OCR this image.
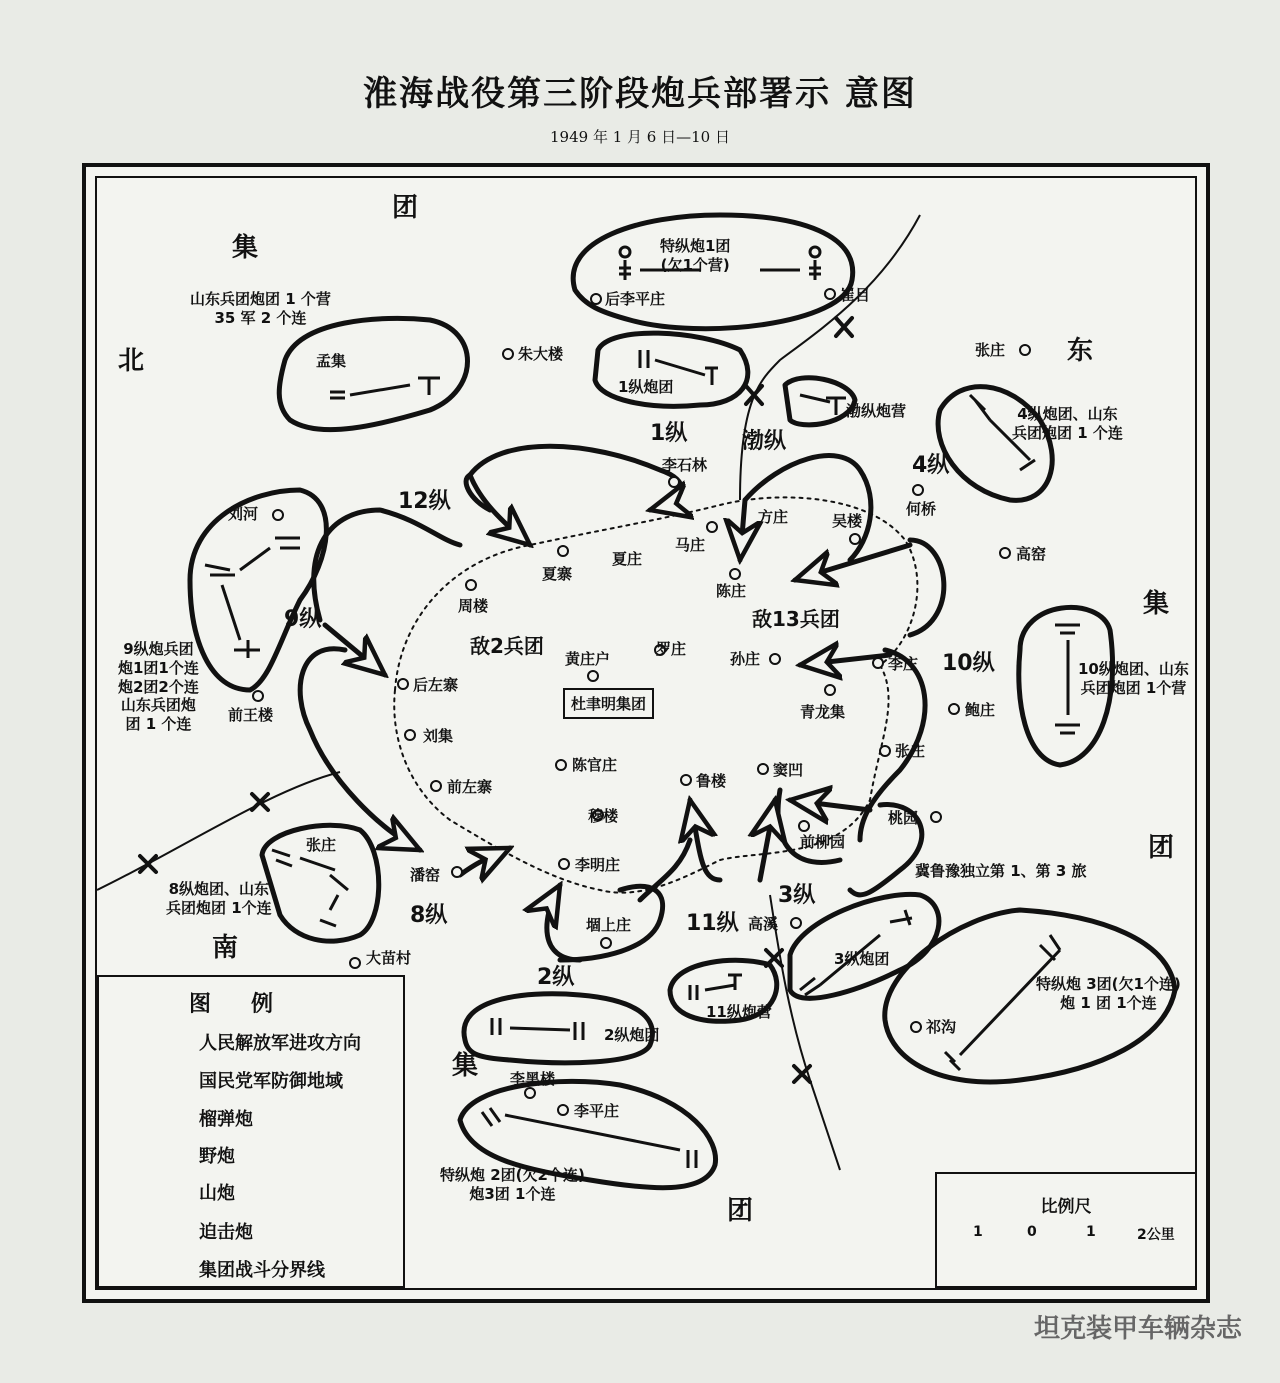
淮海战役第三阶段炮兵部署示 意图
1949 年 1 月 6 日—10 日
团
集
北	东
集
团
南
集
团
1纵 渤纵
12纵
4纵
9纵
10纵
8纵	11纵
3纵
2纵
敌2兵团
敌13兵团
杜聿明集团
特纵炮1团
(欠1个营)
山东兵团炮团 1 个营
35 军 2 个连
1纵炮团
渤纵炮营	4纵炮团、山东
兵团炮团 1 个连
9纵炮兵团
炮1团1个连
炮2团2个连
山东兵团炮
团 1 个连
10纵炮团、山东
兵团炮团 1个营
8纵炮团、山东
兵团炮团 1个连
冀鲁豫独立第 1、第 3 旅
3纵炮团
11纵炮营
特纵炮 3团(欠1个连)
炮 1 团 1个连
2纵炮团
特纵炮 2团(欠2个连)
炮3团 1个连
后李平庄	崔目
朱大楼
孟集
张庄
李石林
何桥
刘河	方庄	吴楼
高窑
马庄
夏寨
夏庄
陈庄
周楼
黄庄户
罗庄
孙庄	李庄
后左寨
青龙集	鲍庄
前王楼
刘集
张庄
陈官庄
鲁楼
窦凹
前左寨
穆楼
前柳园
桃园
张庄
潘窑
李明庄
高溪
堌上庄
大苗村
祁沟
李黑楼
李平庄
图例
人民解放军进攻方向
国民党军防御地域
榴弹炮
野炮
山炮
迫击炮
集团战斗分界线
比例尺
1	0	1	2公里
坦克装甲车辆杂志
